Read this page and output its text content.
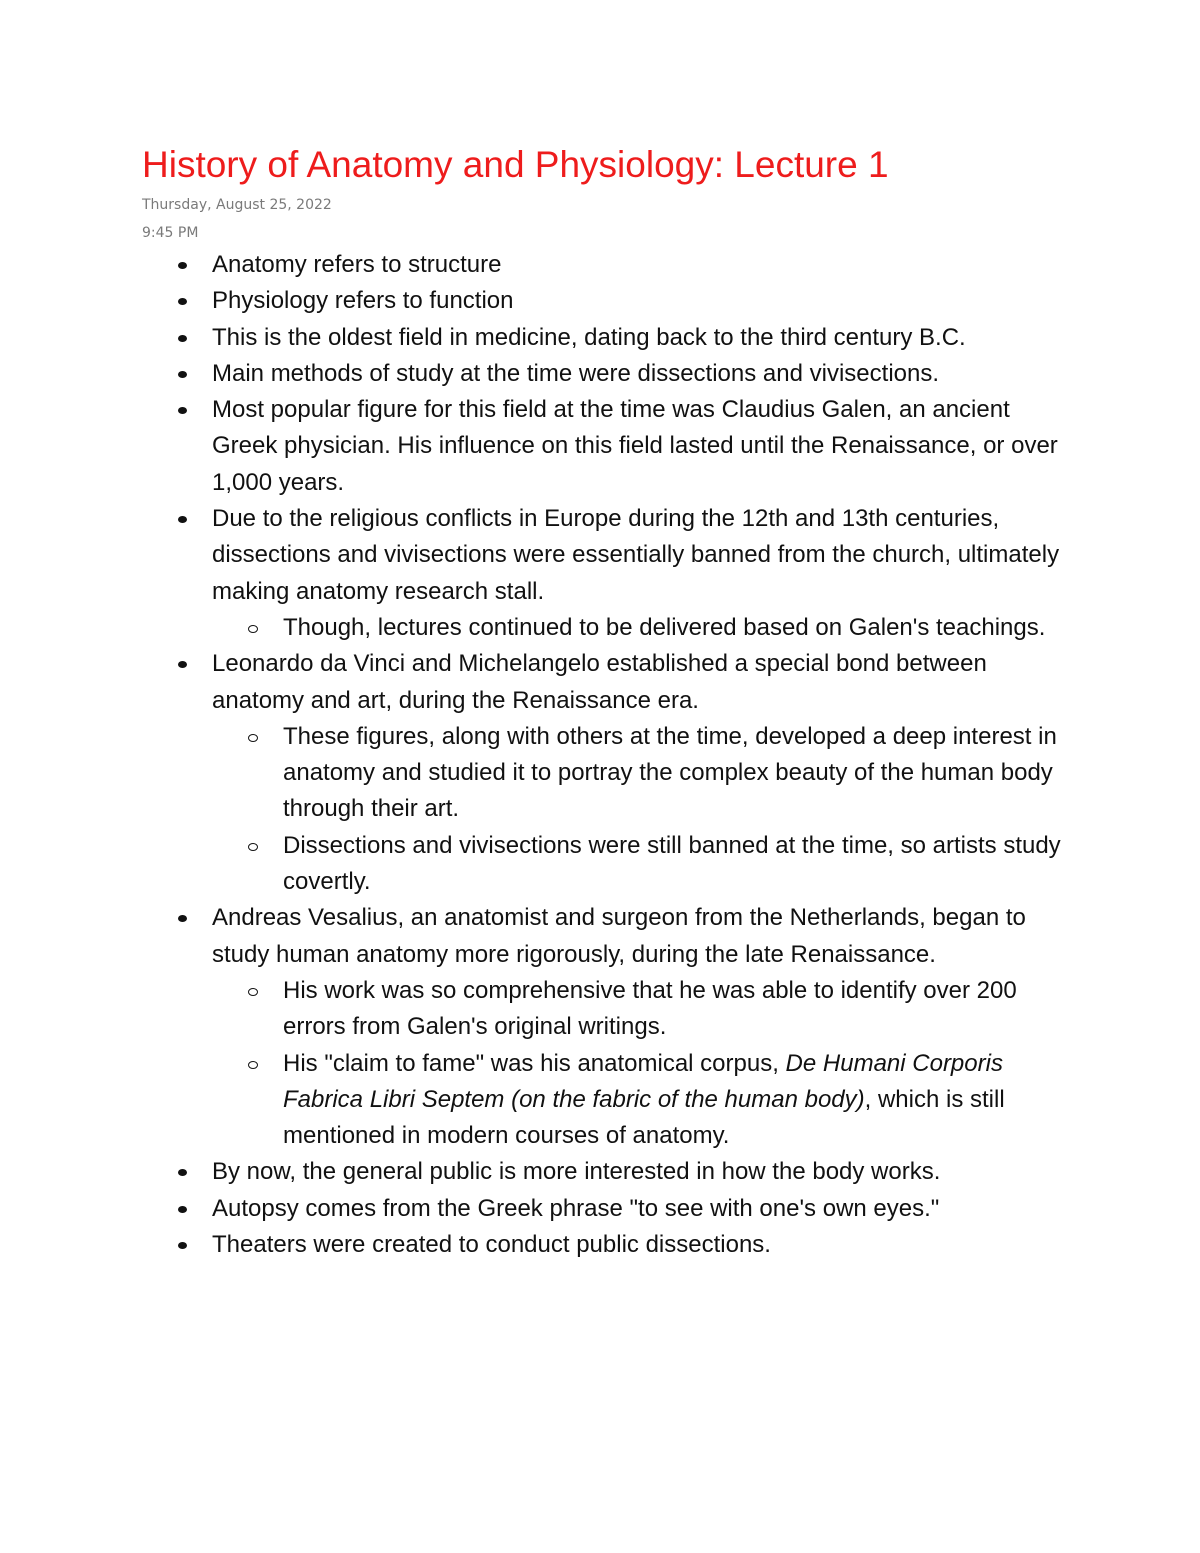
History of Anatomy and Physiology: Lecture 1
Thursday, August 25, 2022
9:45 PM
Anatomy refers to structure
Physiology refers to function
This is the oldest field in medicine, dating back to the third century B.C.
Main methods of study at the time were dissections and vivisections.
Most popular figure for this field at the time was Claudius Galen, an ancient Greek physician. His influence on this field lasted until the Renaissance, or over 1,000 years.
Due to the religious conflicts in Europe during the 12th and 13th centuries, dissections and vivisections were essentially banned from the church, ultimately making anatomy research stall.
Though, lectures continued to be delivered based on Galen's teachings.
Leonardo da Vinci and Michelangelo established a special bond between anatomy and art, during the Renaissance era.
These figures, along with others at the time, developed a deep interest in anatomy and studied it to portray the complex beauty of the human body through their art.
Dissections and vivisections were still banned at the time, so artists study covertly.
Andreas Vesalius, an anatomist and surgeon from the Netherlands, began to study human anatomy more rigorously, during the late Renaissance.
His work was so comprehensive that he was able to identify over 200 errors from Galen's original writings.
His "claim to fame" was his anatomical corpus, De Humani Corporis Fabrica Libri Septem (on the fabric of the human body), which is still mentioned in modern courses of anatomy.
By now, the general public is more interested in how the body works.
Autopsy comes from the Greek phrase "to see with one's own eyes."
Theaters were created to conduct public dissections.
